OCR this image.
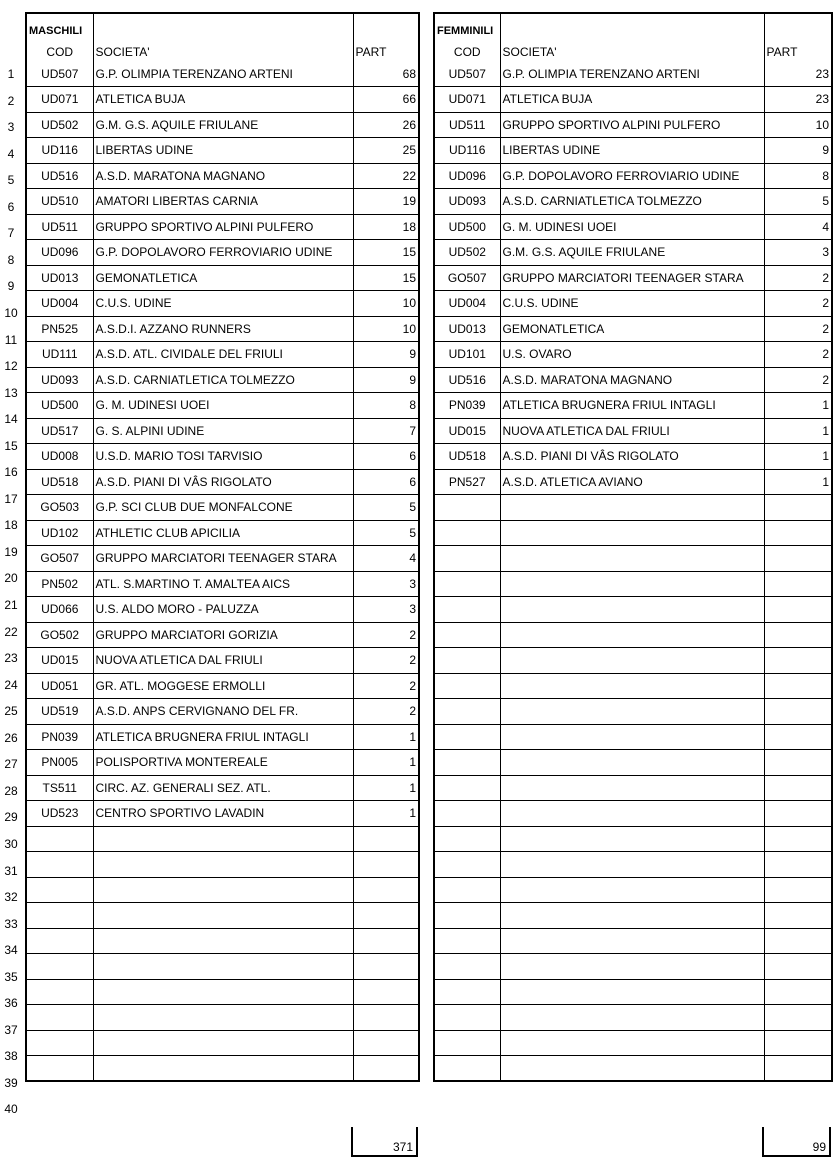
1
2
3
4
5
6
7
8
9
10
11
12
13
14
15
16
17
18
19
20
21
22
23
24
25
26
27
28
29
30
31
32
33
34
35
36
37
38
39
40
MASCHILI		
COD	SOCIETA'	PART
UD507	G.P. OLIMPIA TERENZANO ARTENI	68
UD071	ATLETICA BUJA	66
UD502	G.M. G.S. AQUILE FRIULANE	26
UD116	LIBERTAS UDINE	25
UD516	A.S.D. MARATONA MAGNANO	22
UD510	AMATORI LIBERTAS CARNIA	19
UD511	GRUPPO SPORTIVO ALPINI PULFERO	18
UD096	G.P. DOPOLAVORO FERROVIARIO UDINE	15
UD013	GEMONATLETICA	15
UD004	C.U.S. UDINE	10
PN525	A.S.D.I. AZZANO RUNNERS	10
UD111	A.S.D. ATL. CIVIDALE DEL FRIULI	9
UD093	A.S.D. CARNIATLETICA TOLMEZZO	9
UD500	G. M. UDINESI UOEI	8
UD517	G. S. ALPINI UDINE	7
UD008	U.S.D. MARIO TOSI TARVISIO	6
UD518	A.S.D. PIANI DI VÂS RIGOLATO	6
GO503	G.P. SCI CLUB DUE MONFALCONE	5
UD102	ATHLETIC CLUB APICILIA	5
GO507	GRUPPO MARCIATORI TEENAGER STARA	4
PN502	ATL. S.MARTINO T. AMALTEA AICS	3
UD066	U.S. ALDO MORO - PALUZZA	3
GO502	GRUPPO MARCIATORI GORIZIA	2
UD015	NUOVA ATLETICA DAL FRIULI	2
UD051	GR. ATL. MOGGESE ERMOLLI	2
UD519	A.S.D. ANPS CERVIGNANO DEL FR.	2
PN039	ATLETICA BRUGNERA FRIUL INTAGLI	1
PN005	POLISPORTIVA MONTEREALE	1
TS511	CIRC. AZ. GENERALI SEZ. ATL.	1
UD523	CENTRO SPORTIVO LAVADIN	1

FEMMINILI		
COD	SOCIETA'	PART
UD507	G.P. OLIMPIA TERENZANO ARTENI	23
UD071	ATLETICA BUJA	23
UD511	GRUPPO SPORTIVO ALPINI PULFERO	10
UD116	LIBERTAS UDINE	9
UD096	G.P. DOPOLAVORO FERROVIARIO UDINE	8
UD093	A.S.D. CARNIATLETICA TOLMEZZO	5
UD500	G. M. UDINESI UOEI	4
UD502	G.M. G.S. AQUILE FRIULANE	3
GO507	GRUPPO MARCIATORI TEENAGER STARA	2
UD004	C.U.S. UDINE	2
UD013	GEMONATLETICA	2
UD101	U.S. OVARO	2
UD516	A.S.D. MARATONA MAGNANO	2
PN039	ATLETICA BRUGNERA FRIUL INTAGLI	1
UD015	NUOVA ATLETICA DAL FRIULI	1
UD518	A.S.D. PIANI DI VÂS RIGOLATO	1
PN527	A.S.D. ATLETICA AVIANO	1

371	99
